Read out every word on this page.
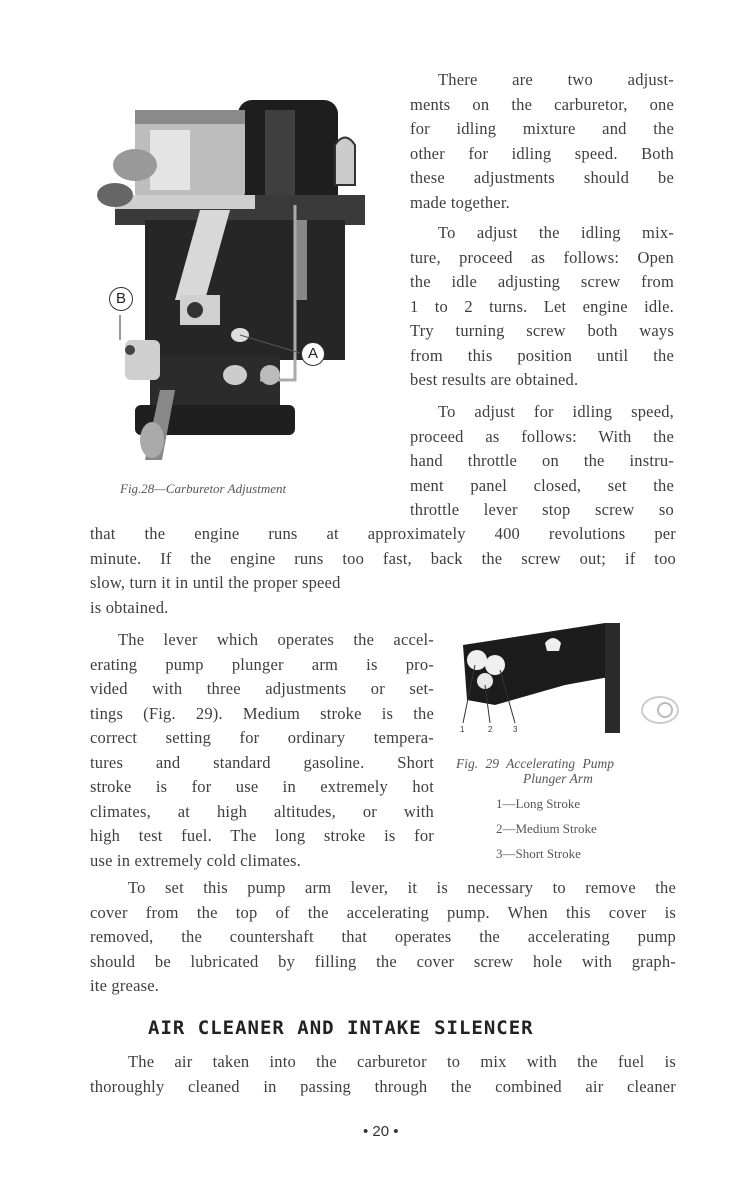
B
A
Fig.28—Carburetor Adjustment
There are two adjust-
ments on the carburetor, one
for idling mixture and the
other for idling speed. Both
these adjustments should be
made together.
To adjust the idling mix-
ture, proceed as follows: Open
the idle adjusting screw from
1 to 2 turns. Let engine idle.
Try turning screw both ways
from this position until the
best results are obtained.
To adjust for idling speed,
proceed as follows: With the
hand throttle on the instru-
ment panel closed, set the
throttle lever stop screw so
that the engine runs at approximately 400 revolutions per
minute. If the engine runs too fast, back the screw out; if too
slow, turn it in until the proper speed
is obtained.
The lever which operates the accel-
erating pump plunger arm is pro-
vided with three adjustments or set-
tings (Fig. 29). Medium stroke is the
correct setting for ordinary tempera-
tures and standard gasoline. Short
stroke is for use in extremely hot
climates, at high altitudes, or with
high test fuel. The long stroke is for
use in extremely cold climates.
1	2	3
Fig. 29 Accelerating Pump
Plunger Arm
1—Long Stroke
2—Medium Stroke
3—Short Stroke
To set this pump arm lever, it is necessary to remove the
cover from the top of the accelerating pump. When this cover is
removed, the countershaft that operates the accelerating pump
should be lubricated by filling the cover screw hole with graph-
ite grease.
AIR CLEANER AND INTAKE SILENCER
The air taken into the carburetor to mix with the fuel is
thoroughly cleaned in passing through the combined air cleaner
• 20 •
